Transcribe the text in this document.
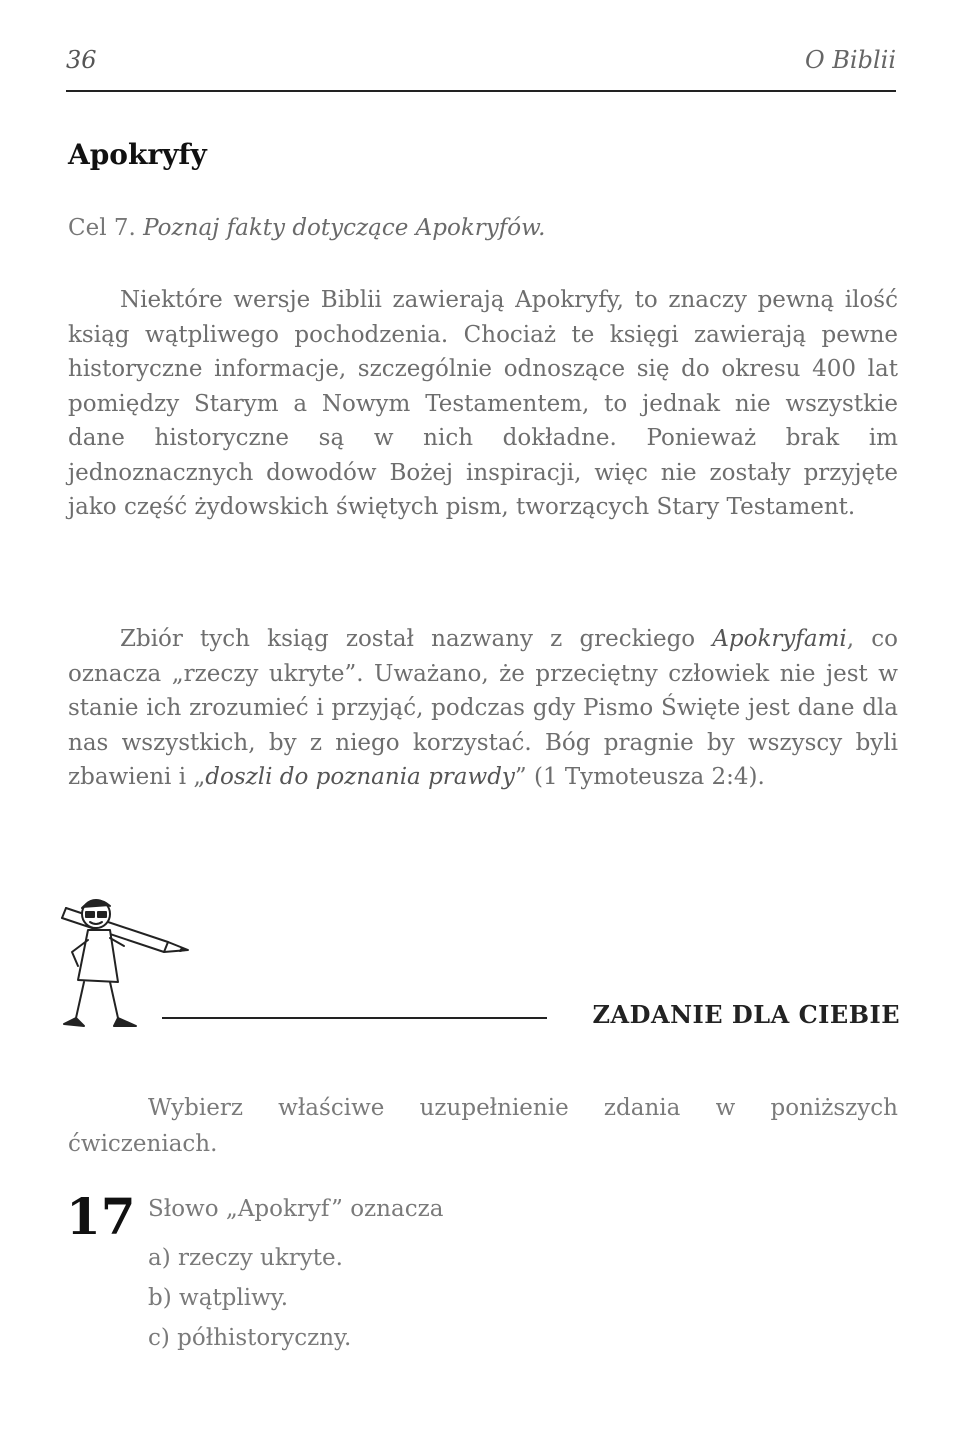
36	O Biblii
Apokryfy
Cel 7. Poznaj fakty dotyczące Apokryfów.

Niektóre wersje Biblii zawierają Apokryfy, to znaczy pewną ilość ksiąg wątpliwego pochodzenia. Chociaż te księgi zawierają pewne historyczne informacje, szczególnie odnoszące się do okresu 400 lat pomiędzy Starym a Nowym Testamentem, to jednak nie wszystkie dane historyczne są w nich dokładne. Ponieważ brak im jednoznacznych dowodów Bożej inspiracji, więc nie zostały przyjęte jako część żydowskich świętych pism, tworzących Stary Testament.

Zbiór tych ksiąg został nazwany z greckiego Apokryfami, co oznacza „rzeczy ukryte”. Uważano, że przeciętny człowiek nie jest w stanie ich zrozumieć i przyjąć, podczas gdy Pismo Święte jest dane dla nas wszystkich, by z niego korzystać. Bóg pragnie by wszyscy byli zbawieni i „doszli do poznania prawdy” (1 Tymoteusza 2:4).

ZADANIE DLA CIEBIE

Wybierz właściwe uzupełnienie zdania w poniższych ćwiczeniach.

17 Słowo „Apokryf” oznacza
a) rzeczy ukryte.
b) wątpliwy.
c) półhistoryczny.
